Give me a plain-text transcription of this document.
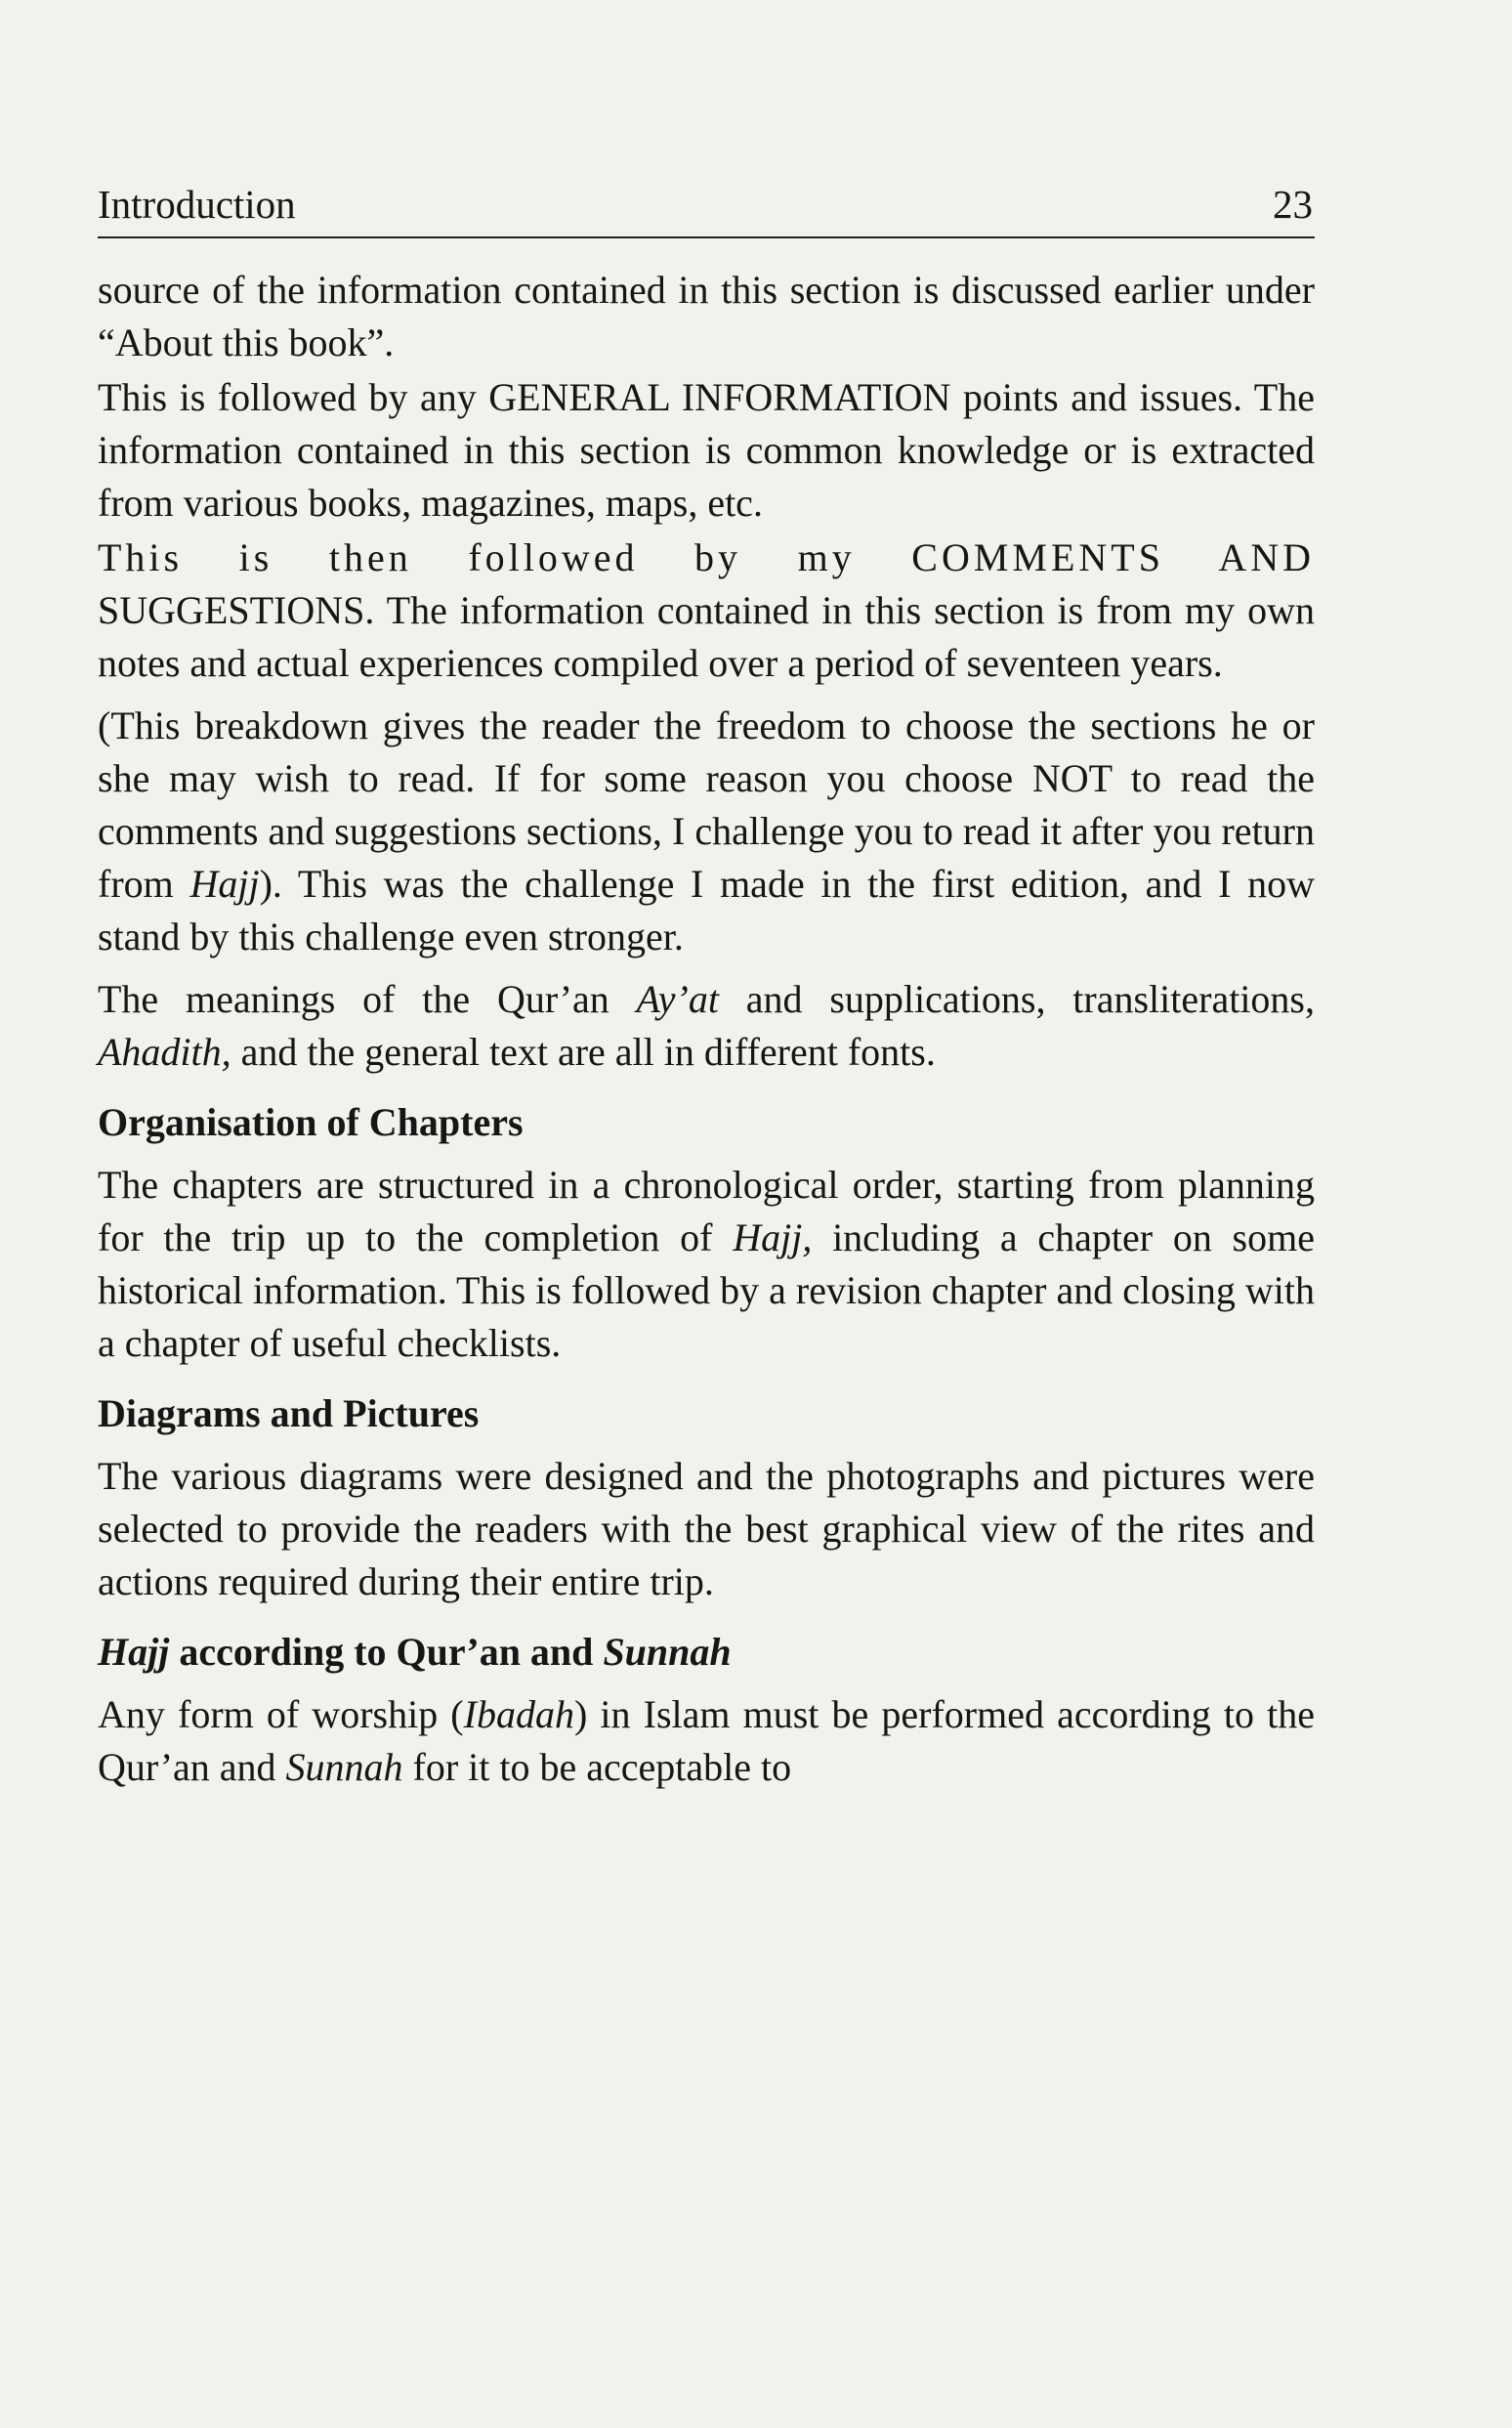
Introduction	23

source of the information contained in this section is discussed earlier under “About this book”.

This is followed by any GENERAL INFORMATION points and issues. The information contained in this section is common knowledge or is extracted from various books, magazines, maps, etc.

This is then followed by my COMMENTS AND SUGGESTIONS. The information contained in this section is from my own notes and actual experiences compiled over a period of seventeen years.

(This breakdown gives the reader the freedom to choose the sections he or she may wish to read. If for some reason you choose NOT to read the comments and suggestions sections, I challenge you to read it after you return from Hajj). This was the challenge I made in the first edition, and I now stand by this challenge even stronger.

The meanings of the Qur’an Ay’at and supplications, transliterations, Ahadith, and the general text are all in different fonts.

Organisation of Chapters

The chapters are structured in a chronological order, starting from planning for the trip up to the completion of Hajj, including a chapter on some historical information. This is followed by a revision chapter and closing with a chapter of useful checklists.

Diagrams and Pictures

The various diagrams were designed and the photographs and pictures were selected to provide the readers with the best graphical view of the rites and actions required during their entire trip.

Hajj according to Qur’an and Sunnah

Any form of worship (Ibadah) in Islam must be performed according to the Qur’an and Sunnah for it to be acceptable to
